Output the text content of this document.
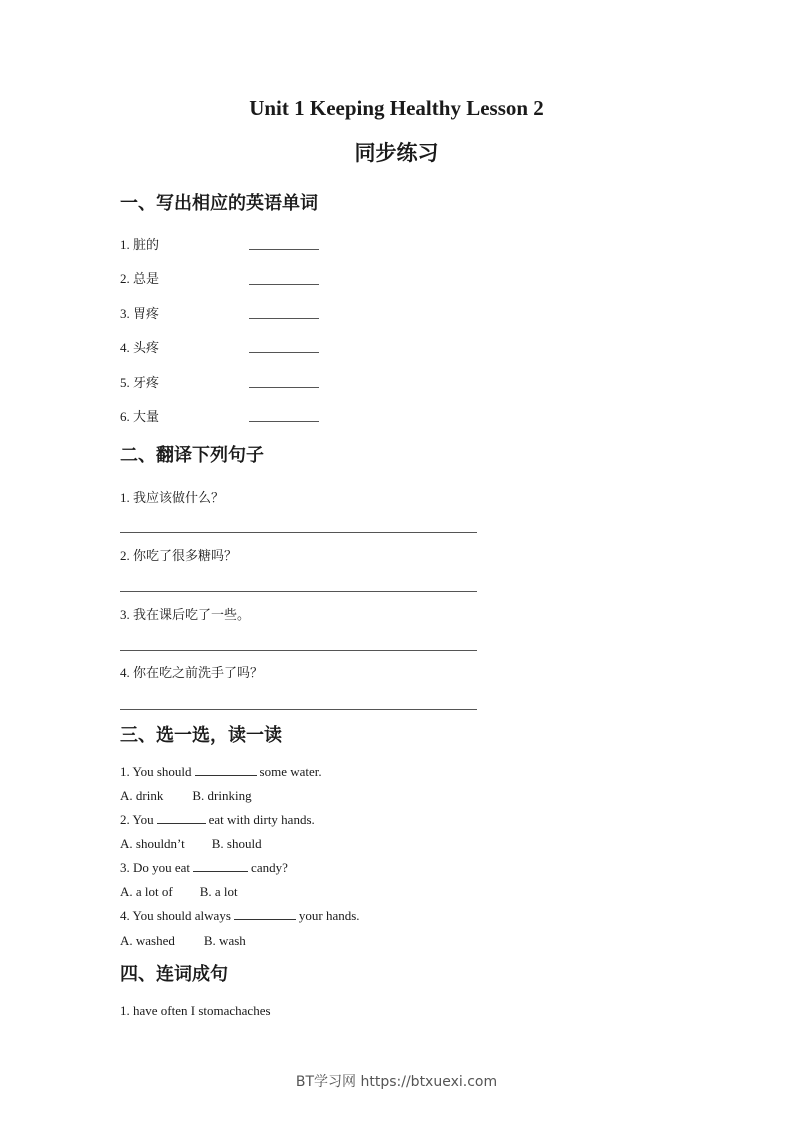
Unit 1 Keeping Healthy Lesson 2
同步练习
一、写出相应的英语单词
1. 脏的
2. 总是
3. 胃疼
4. 头疼
5. 牙疼
6. 大量
二、翻译下列句子
1. 我应该做什么？
2. 你吃了很多糖吗？
3. 我在课后吃了一些。
4. 你在吃之前洗手了吗？
三、选一选，读一读
1. You should	some water.
A. drink B. drinking
2. You	eat with dirty hands.
A. shouldn’t B. should
3. Do you eat	candy?
A. a lot of B. a lot
4. You should always	your hands.
A. washed B. wash
四、连词成句
1. have often I stomachaches
BT学习网 https://btxuexi.com
